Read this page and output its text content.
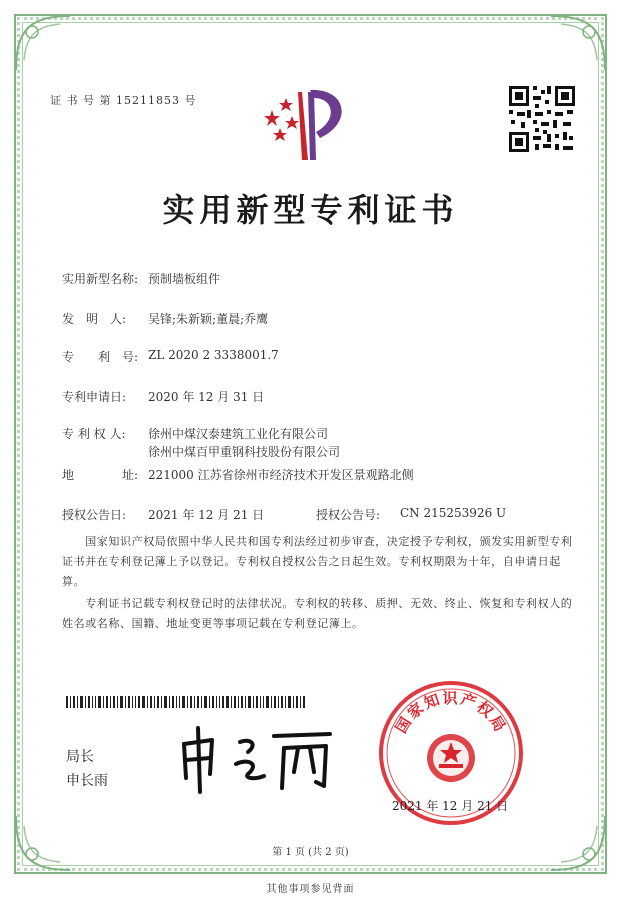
证 书 号 第 15211853 号
实用新型专利证书
实用新型名称: 预制墙板组件
发　明　人: 吴锋;朱新颖;董晨;乔鹰
专　　利　号: ZL 2020 2 3338001.7
专利申请日: 2020 年 12 月 31 日
专 利 权 人: 徐州中煤汉泰建筑工业化有限公司
徐州中煤百甲重钢科技股份有限公司
地　　　　址: 221000 江苏省徐州市经济技术开发区景观路北侧
授权公告日: 2021 年 12 月 21 日	授权公告号: CN 215253926 U
　　国家知识产权局依照中华人民共和国专利法经过初步审查，决定授予专利权，颁发实用新型专利证书并在专利登记簿上予以登记。专利权自授权公告之日起生效。专利权期限为十年，自申请日起算。
　　专利证书记载专利权登记时的法律状况。专利权的转移、质押、无效、终止、恢复和专利权人的姓名或名称、国籍、地址变更等事项记载在专利登记簿上。
局长
申长雨
国家知识产权局
2021 年 12 月 21 日
第 1 页 (共 2 页)
其他事项参见背面
